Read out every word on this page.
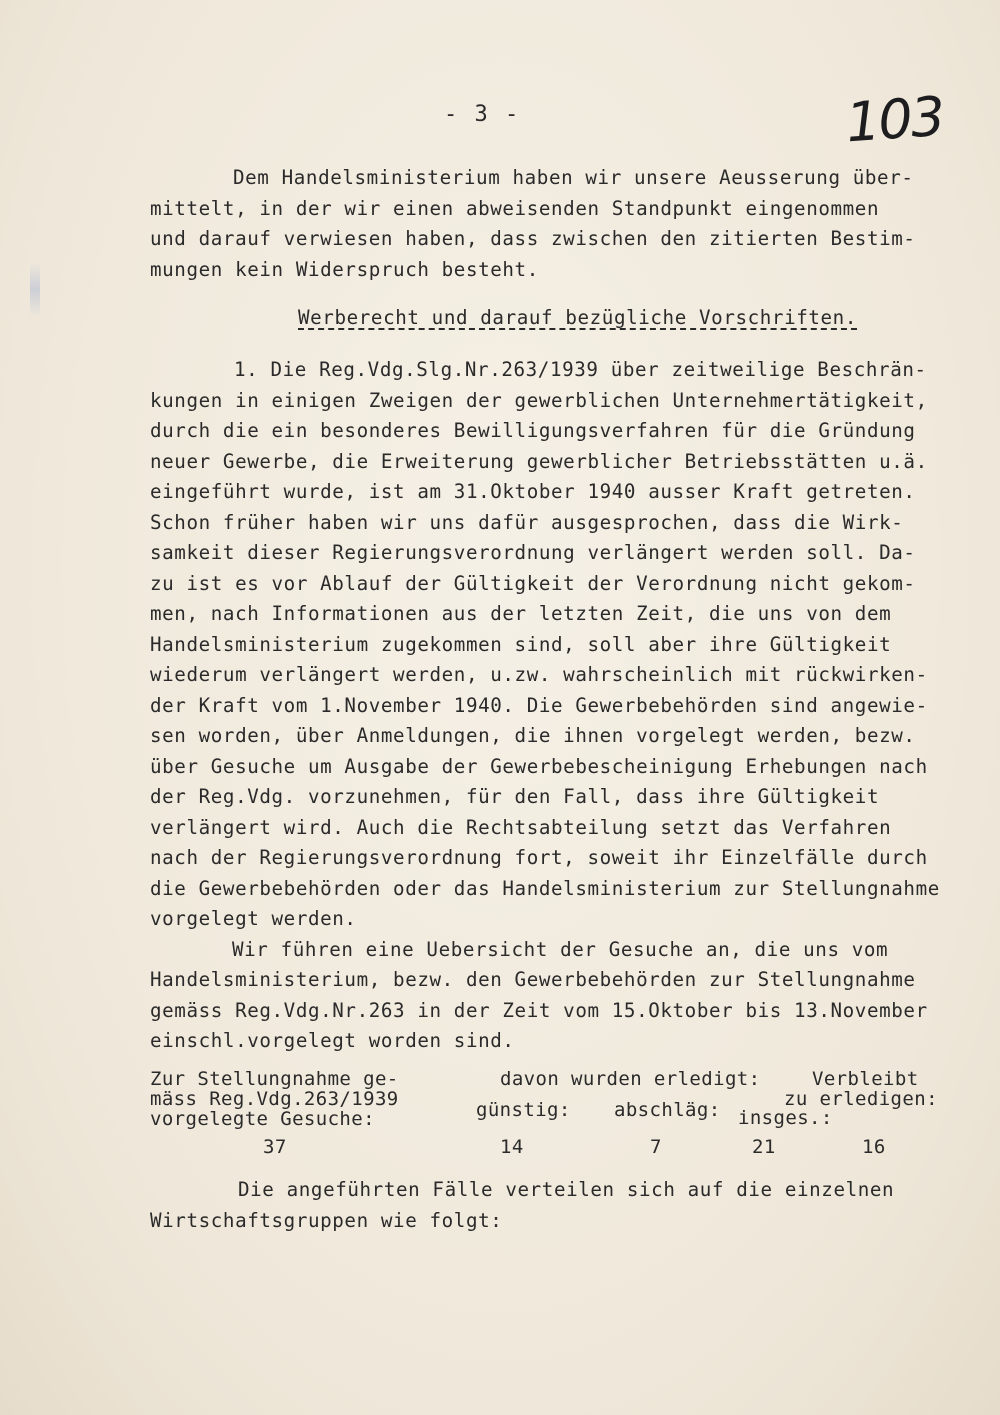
- 3 -	103
Dem Handelsministerium haben wir unsere Aeusserung über-
mittelt, in der wir einen abweisenden Standpunkt eingenommen
und darauf verwiesen haben, dass zwischen den zitierten Bestim-
mungen kein Widerspruch besteht.
Werberecht und darauf bezügliche Vorschriften.
1. Die Reg.Vdg.Slg.Nr.263/1939 über zeitweilige Beschrän-
kungen in einigen Zweigen der gewerblichen Unternehmertätigkeit,
durch die ein besonderes Bewilligungsverfahren für die Gründung
neuer Gewerbe, die Erweiterung gewerblicher Betriebsstätten u.ä.
eingeführt wurde, ist am 31.Oktober 1940 ausser Kraft getreten.
Schon früher haben wir uns dafür ausgesprochen, dass die Wirk-
samkeit dieser Regierungsverordnung verlängert werden soll. Da-
zu ist es vor Ablauf der Gültigkeit der Verordnung nicht gekom-
men, nach Informationen aus der letzten Zeit, die uns von dem
Handelsministerium zugekommen sind, soll aber ihre Gültigkeit
wiederum verlängert werden, u.zw. wahrscheinlich mit rückwirken-
der Kraft vom 1.November 1940. Die Gewerbebehörden sind angewie-
sen worden, über Anmeldungen, die ihnen vorgelegt werden, bezw.
über Gesuche um Ausgabe der Gewerbebescheinigung Erhebungen nach
der Reg.Vdg. vorzunehmen, für den Fall, dass ihre Gültigkeit
verlängert wird. Auch die Rechtsabteilung setzt das Verfahren
nach der Regierungsverordnung fort, soweit ihr Einzelfälle durch
die Gewerbebehörden oder das Handelsministerium zur Stellungnahme
vorgelegt werden.
Wir führen eine Uebersicht der Gesuche an, die uns vom
Handelsministerium, bezw. den Gewerbebehörden zur Stellungnahme
gemäss Reg.Vdg.Nr.263 in der Zeit vom 15.Oktober bis 13.November
einschl.vorgelegt worden sind.
Zur Stellungnahme ge-
mäss Reg.Vdg.263/1939
vorgelegte Gesuche:
davon wurden erledigt:
günstig: abschläg: insges.:
Verbleibt
zu erledigen:
37	14	7	21	16
Die angeführten Fälle verteilen sich auf die einzelnen
Wirtschaftsgruppen wie folgt:
